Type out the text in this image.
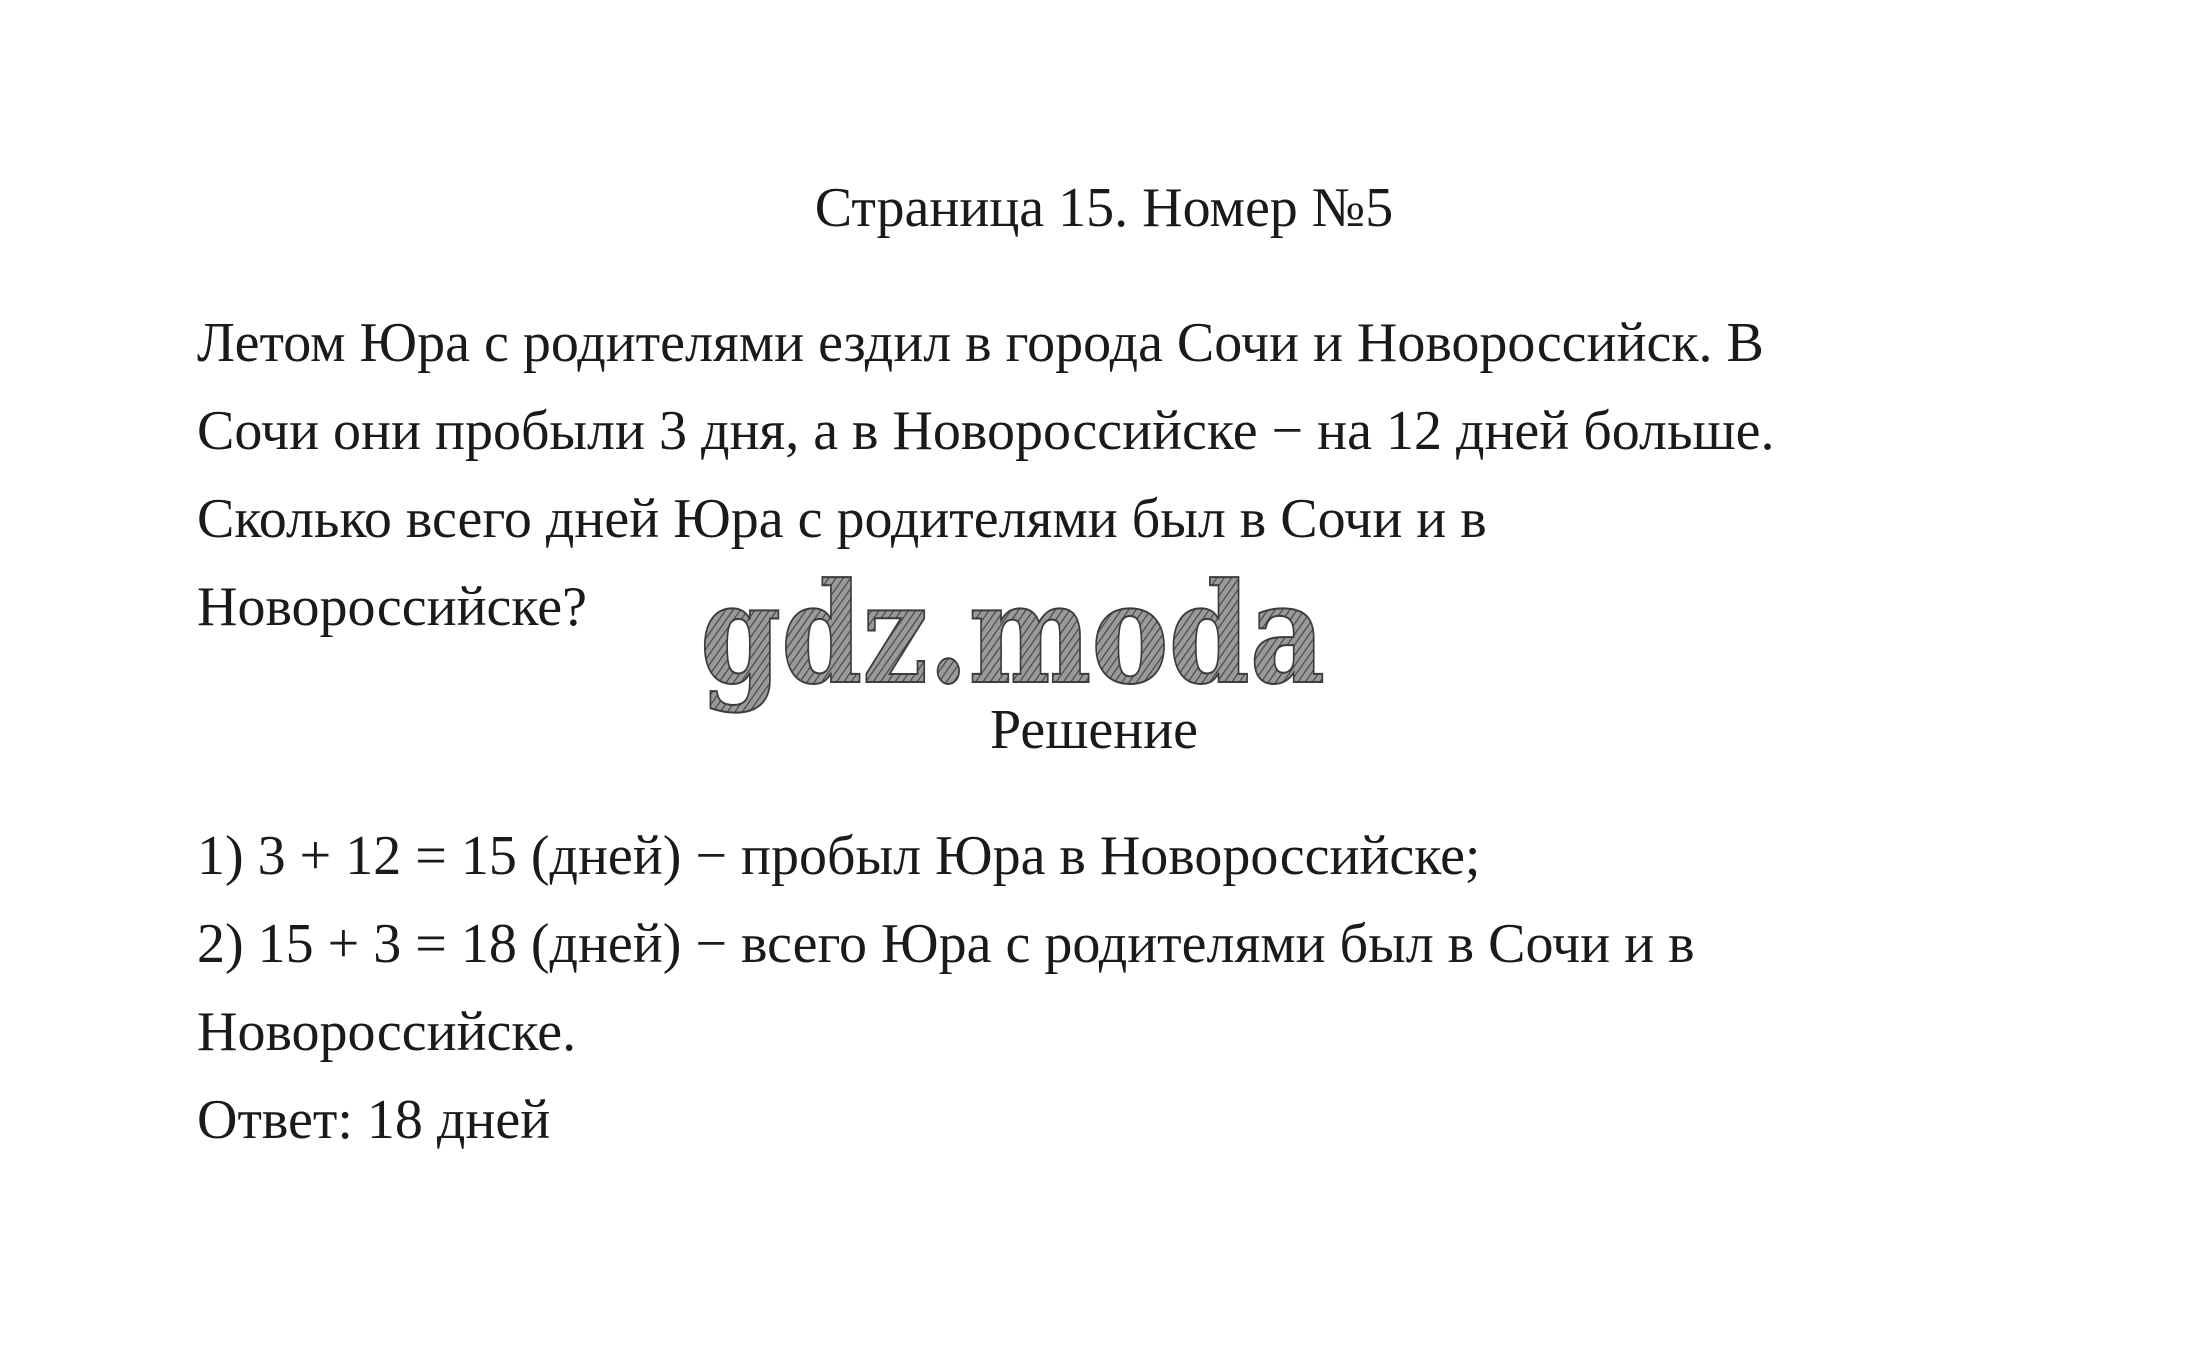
Страница 15. Номер №5
Летом Юра с родителями ездил в города Сочи и Новороссийск. В
Сочи они пробыли 3 дня, а в Новороссийске − на 12 дней больше.
Сколько всего дней Юра с родителями был в Сочи и в
Новороссийске? gdz.moda
Решение
1) 3 + 12 = 15 (дней) − пробыл Юра в Новороссийске;
2) 15 + 3 = 18 (дней) − всего Юра с родителями был в Сочи и в
Новороссийске.
Ответ: 18 дней
